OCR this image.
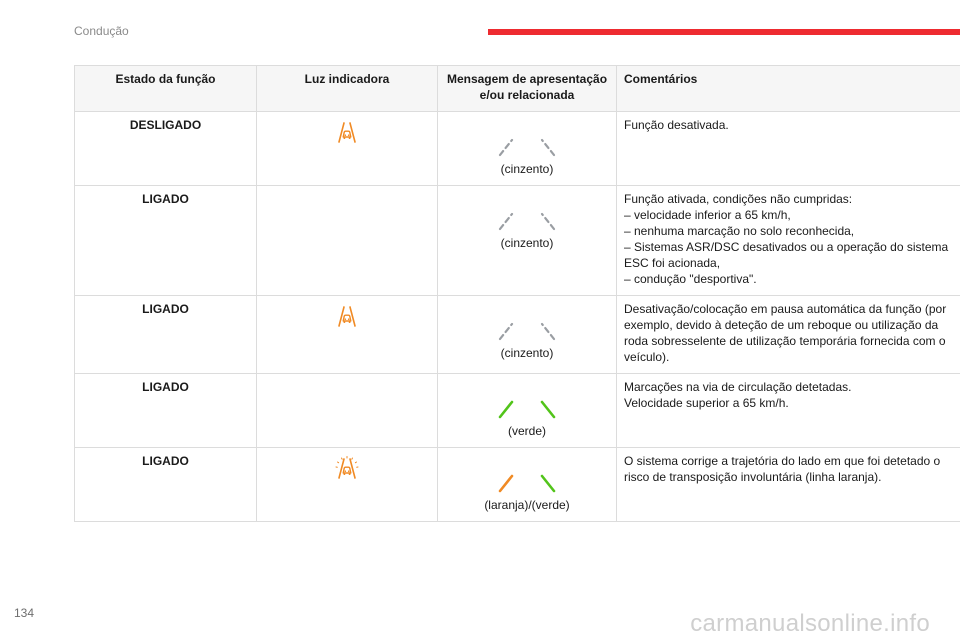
Condução
Estado da função	Luz indicadora	Mensagem de apresentação e/ou relacionada	Comentários
DESLIGADO		(cinzento)	Função desativada.
LIGADO		(cinzento)	Função ativada, condições não cumpridas:
– velocidade inferior a 65 km/h,
– nenhuma marcação no solo reconhecida,
– Sistemas ASR/DSC desativados ou a operação do sistema ESC foi acionada,
– condução "desportiva".
LIGADO		(cinzento)	Desativação/colocação em pausa automática da função (por exemplo, devido à deteção de um reboque ou utilização da roda sobresselente de utilização temporária fornecida com o veículo).
LIGADO		(verde)	Marcações na via de circulação detetadas.
Velocidade superior a 65 km/h.
LIGADO		(laranja)/(verde)	O sistema corrige a trajetória do lado em que foi detetado o risco de transposição involuntária (linha laranja).
134	carmanualsonline.info
